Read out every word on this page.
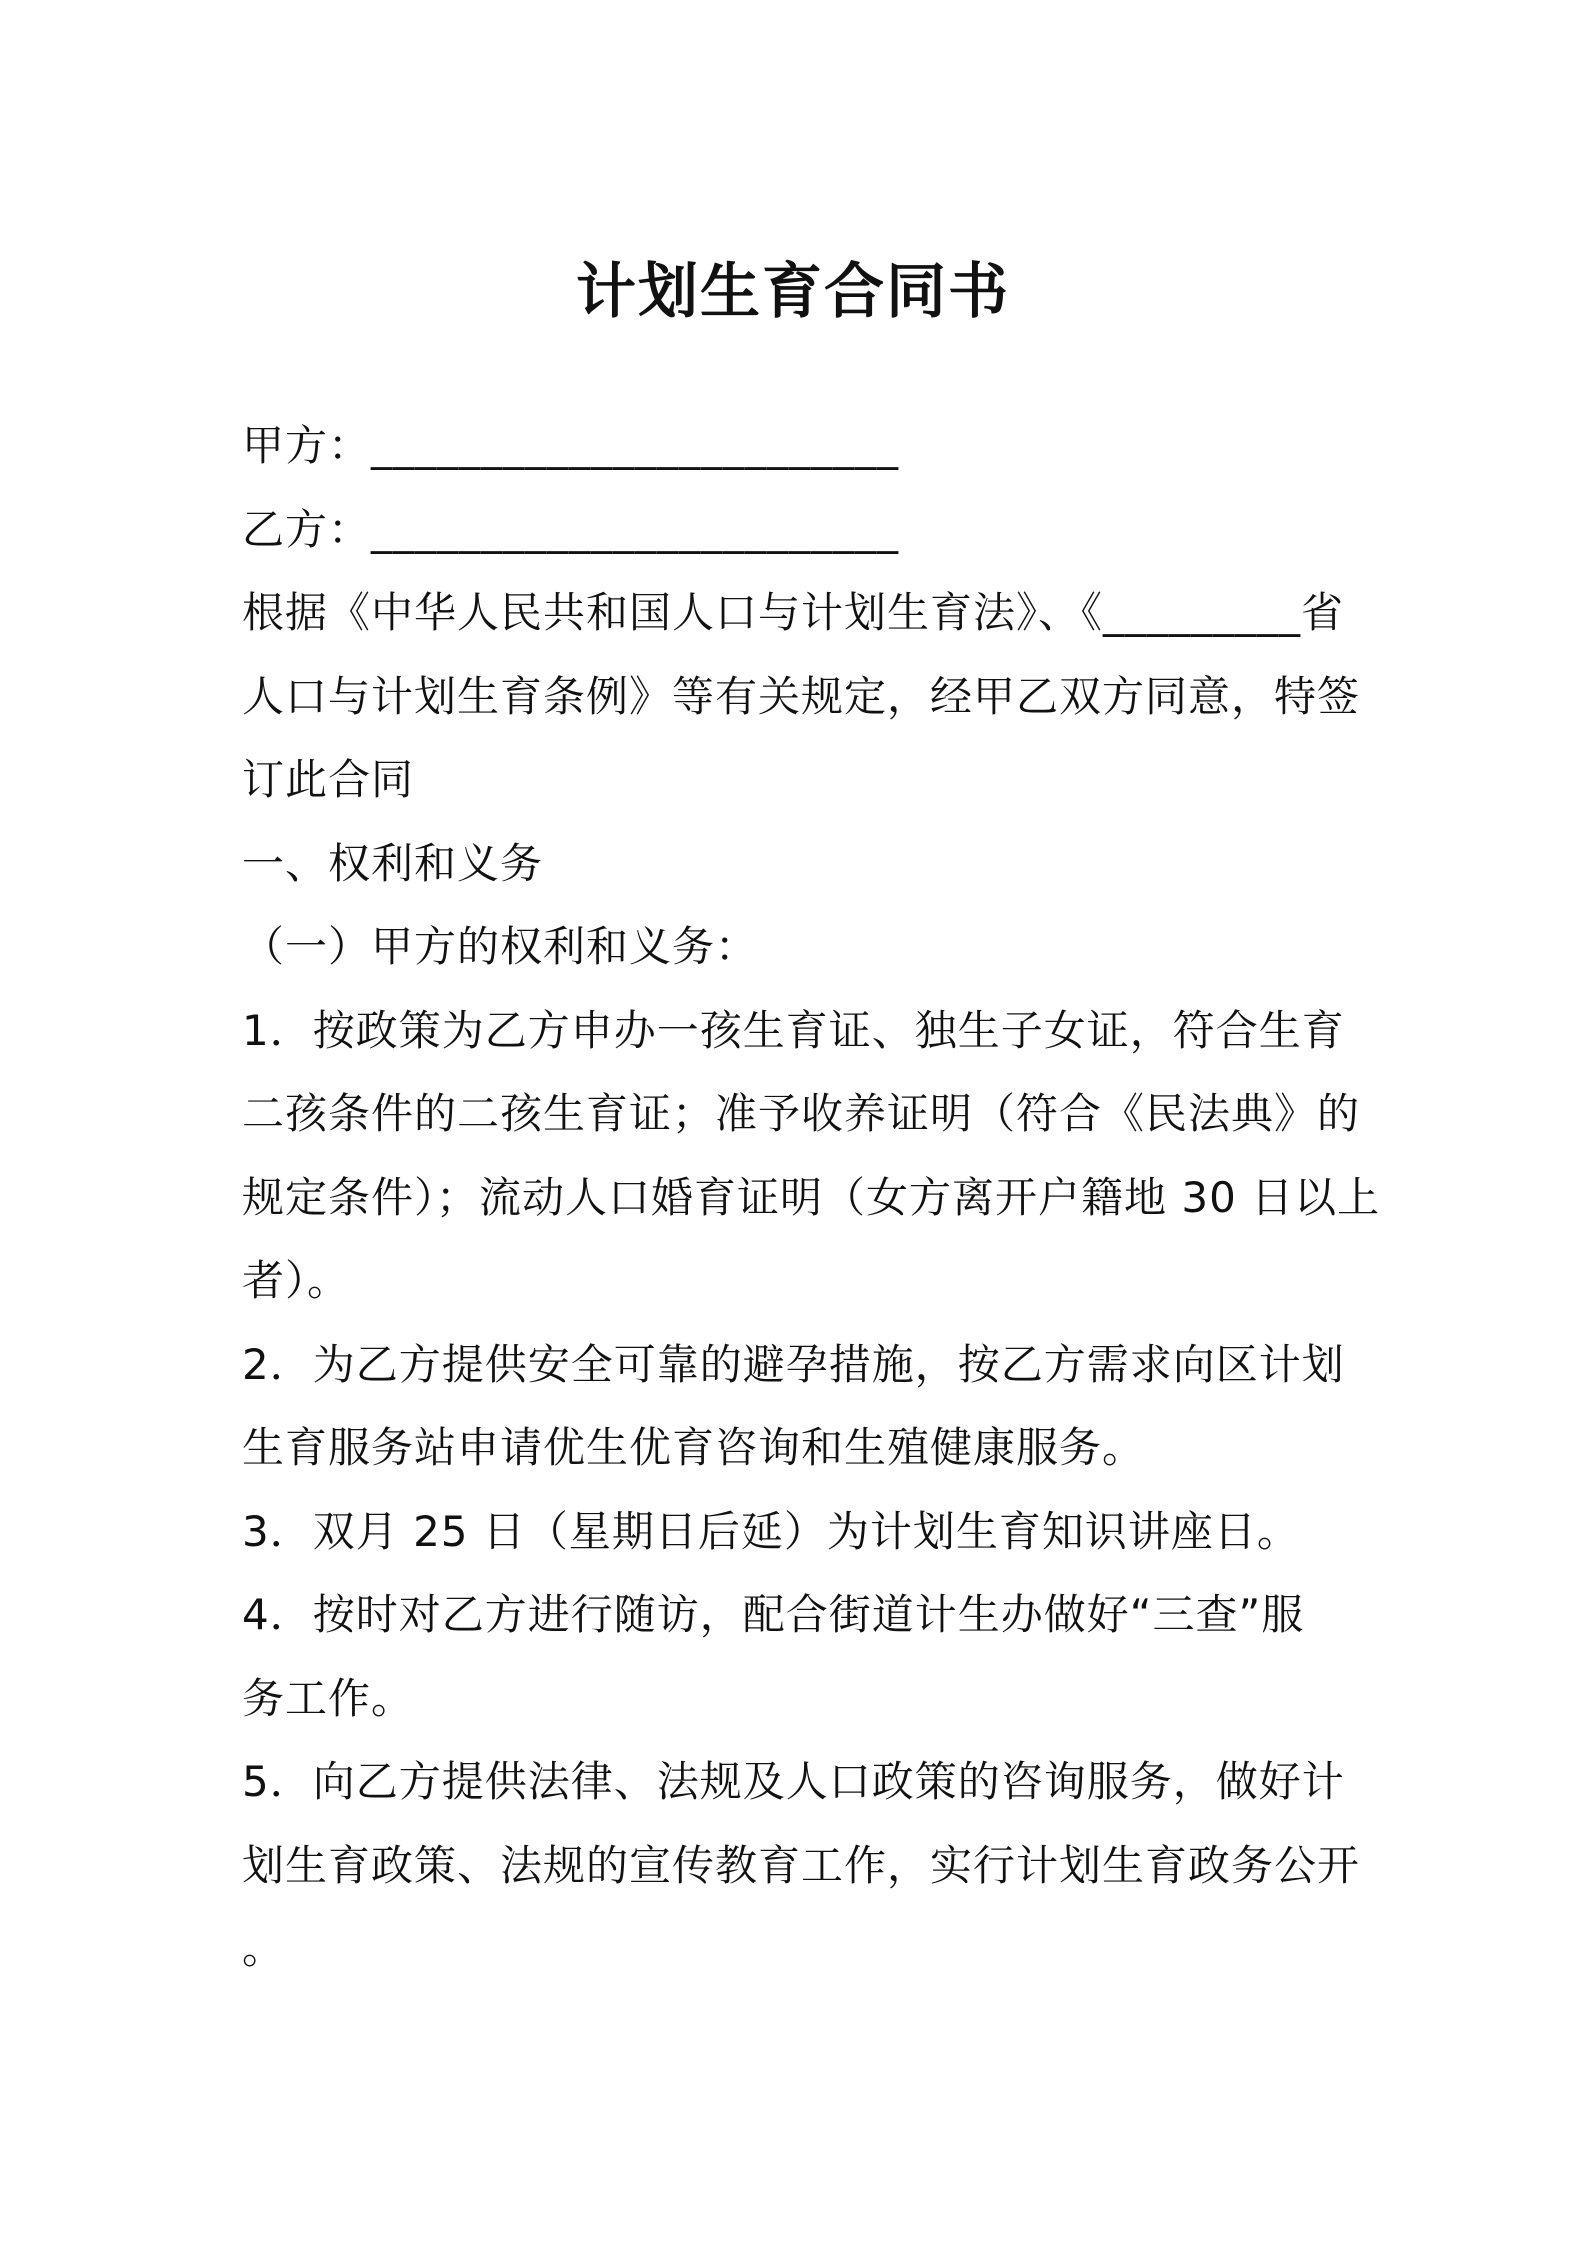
计划生育合同书

甲方：________________________

乙方：________________________

根据《中华人民共和国人口与计划生育法》、《_________省

人口与计划生育条例》等有关规定，经甲乙双方同意，特签

订此合同

一、权利和义务

（一）甲方的权利和义务：

1．按政策为乙方申办一孩生育证、独生子女证，符合生育

二孩条件的二孩生育证；准予收养证明（符合《民法典》的

规定条件）；流动人口婚育证明（女方离开户籍地 30 日以上

者）。

2．为乙方提供安全可靠的避孕措施，按乙方需求向区计划

生育服务站申请优生优育咨询和生殖健康服务。

3．双月 25 日（星期日后延）为计划生育知识讲座日。

4．按时对乙方进行随访，配合街道计生办做好“三查”服

务工作。

5．向乙方提供法律、法规及人口政策的咨询服务，做好计

划生育政策、法规的宣传教育工作，实行计划生育政务公开

。
